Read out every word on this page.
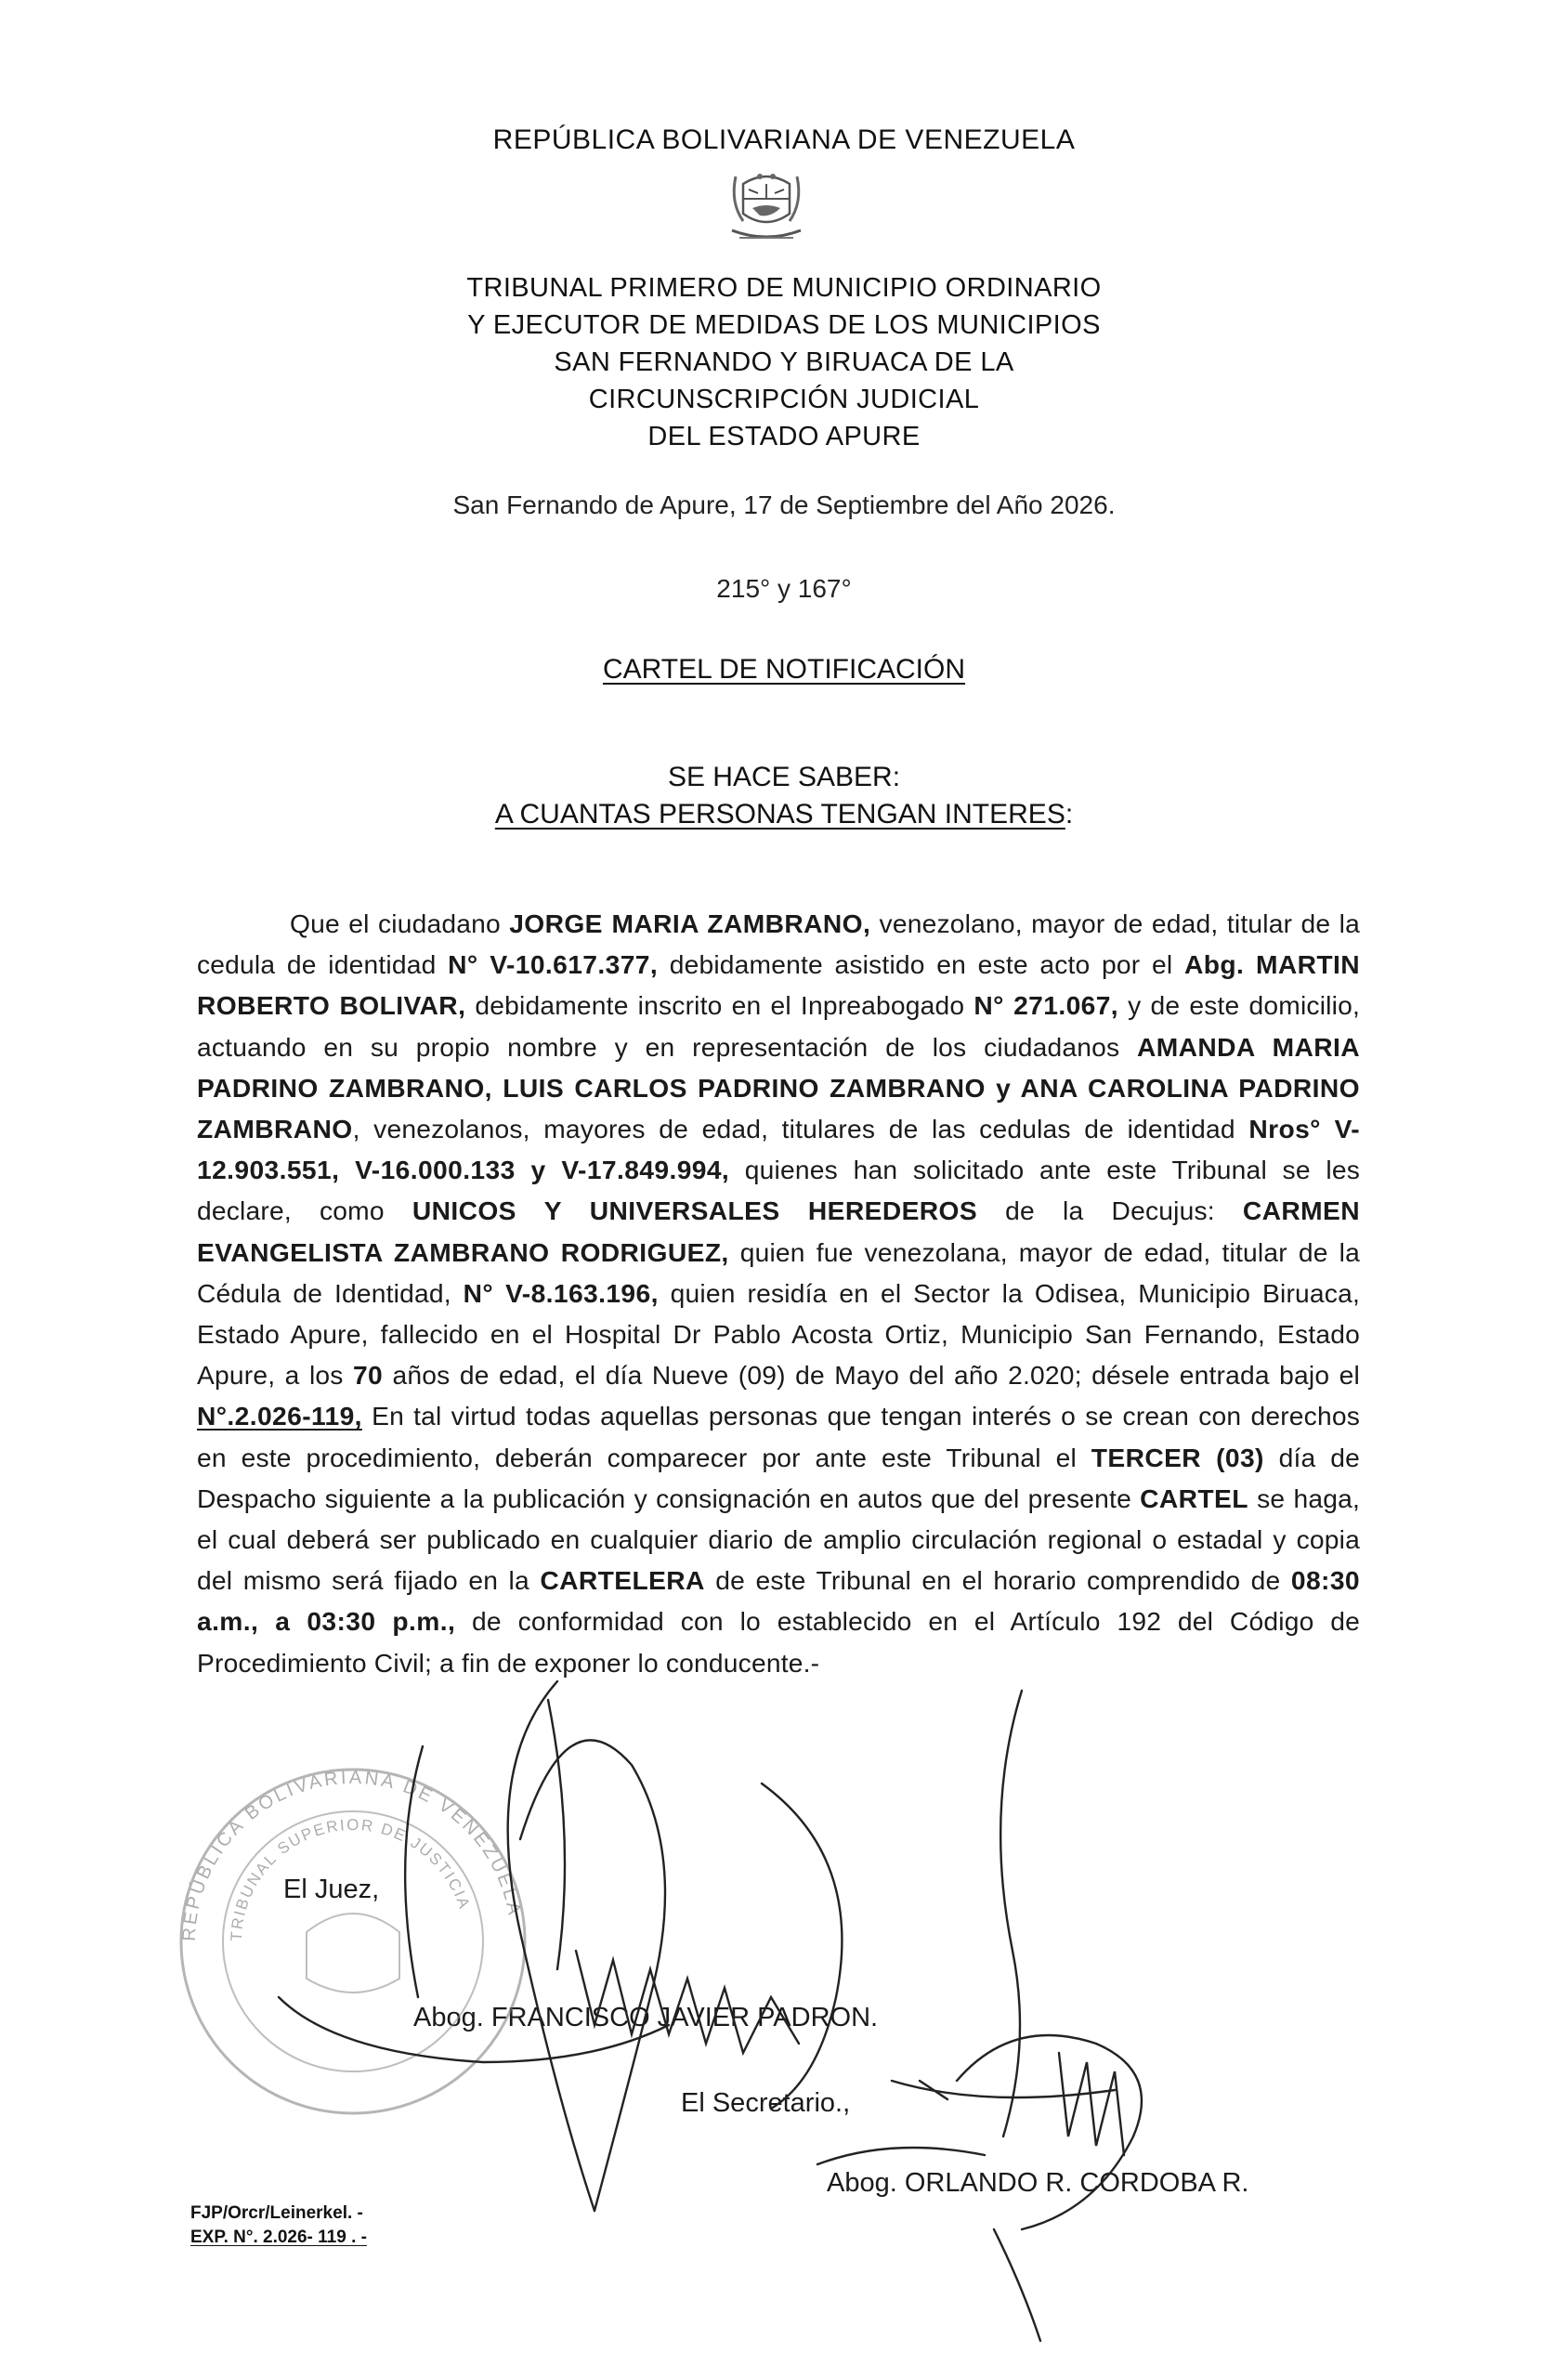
REPÚBLICA BOLIVARIANA DE VENEZUELA
TRIBUNAL PRIMERO DE MUNICIPIO ORDINARIO
Y EJECUTOR DE MEDIDAS DE LOS MUNICIPIOS
SAN FERNANDO Y BIRUACA DE LA
CIRCUNSCRIPCIÓN JUDICIAL
DEL ESTADO APURE
San Fernando de Apure, 17 de Septiembre del Año 2026.
215° y 167°
CARTEL DE NOTIFICACIÓN
SE HACE SABER:
A CUANTAS PERSONAS TENGAN INTERES:

Que el ciudadano JORGE MARIA ZAMBRANO, venezolano, mayor de edad, titular de la cedula de identidad N° V-10.617.377, debidamente asistido en este acto por el Abg. MARTIN ROBERTO BOLIVAR, debidamente inscrito en el Inpreabogado N° 271.067, y de este domicilio, actuando en su propio nombre y en representación de los ciudadanos AMANDA MARIA PADRINO ZAMBRANO, LUIS CARLOS PADRINO ZAMBRANO y ANA CAROLINA PADRINO ZAMBRANO, venezolanos, mayores de edad, titulares de las cedulas de identidad Nros° V-12.903.551, V-16.000.133 y V-17.849.994, quienes han solicitado ante este Tribunal se les declare, como UNICOS Y UNIVERSALES HEREDEROS de la Decujus: CARMEN EVANGELISTA ZAMBRANO RODRIGUEZ, quien fue venezolana, mayor de edad, titular de la Cédula de Identidad, N° V-8.163.196, quien residía en el Sector la Odisea, Municipio Biruaca, Estado Apure, fallecido en el Hospital Dr Pablo Acosta Ortiz, Municipio San Fernando, Estado Apure, a los 70 años de edad, el día Nueve (09) de Mayo del año 2.020; désele entrada bajo el N°.2.026-119, En tal virtud todas aquellas personas que tengan interés o se crean con derechos en este procedimiento, deberán comparecer por ante este Tribunal el TERCER (03) día de Despacho siguiente a la publicación y consignación en autos que del presente CARTEL se haga, el cual deberá ser publicado en cualquier diario de amplio circulación regional o estadal y copia del mismo será fijado en la CARTELERA de este Tribunal en el horario comprendido de 08:30 a.m., a 03:30 p.m., de conformidad con lo establecido en el Artículo 192 del Código de Procedimiento Civil; a fin de exponer lo conducente.-

El Juez,
Abog. FRANCISCO JAVIER PADRON.
El Secretario.,
Abog. ORLANDO R. CORDOBA R.
FJP/Orcr/Leinerkel. -
EXP. N°. 2.026- 119 . -
REPÚBLICA BOLIVARIANA DE VENEZUELA
TRIBUNAL SUPERIOR DE JUSTICIA
